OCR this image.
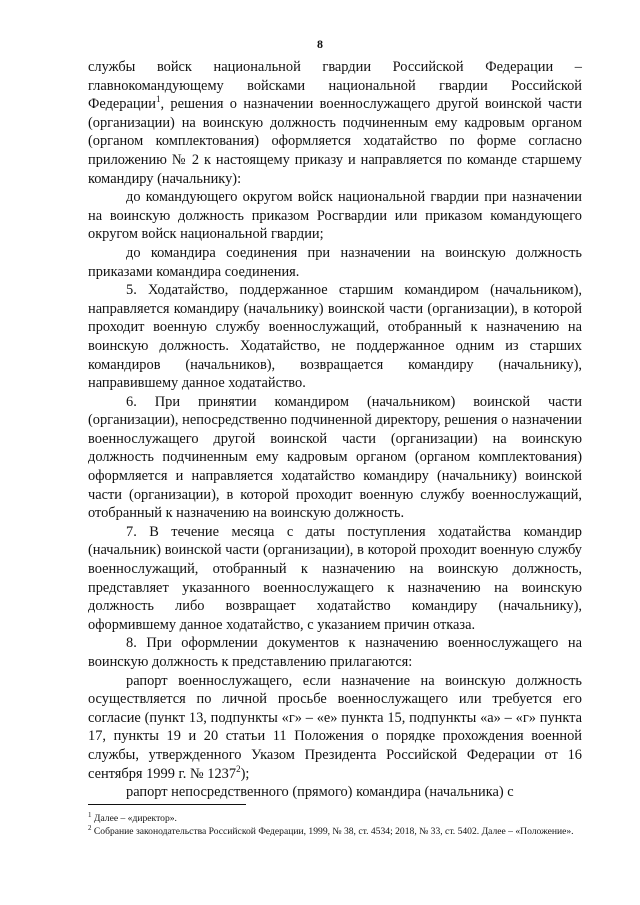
8

службы войск национальной гвардии Российской Федерации – главнокомандующему войсками национальной гвардии Российской Федерации$^1$, решения о назначении военнослужащего другой воинской части (организации) на воинскую должность подчиненным ему кадровым органом (органом комплектования) оформляется ходатайство по форме согласно приложению № 2 к настоящему приказу и направляется по команде старшему командиру (начальнику):

до командующего округом войск национальной гвардии при назначении на воинскую должность приказом Росгвардии или приказом командующего округом войск национальной гвардии;

до командира соединения при назначении на воинскую должность приказами командира соединения.

5. Ходатайство, поддержанное старшим командиром (начальником), направляется командиру (начальнику) воинской части (организации), в которой проходит военную службу военнослужащий, отобранный к назначению на воинскую должность. Ходатайство, не поддержанное одним из старших командиров (начальников), возвращается командиру (начальнику), направившему данное ходатайство.

6. При принятии командиром (начальником) воинской части (организации), непосредственно подчиненной директору, решения о назначении военнослужащего другой воинской части (организации) на воинскую должность подчиненным ему кадровым органом (органом комплектования) оформляется и направляется ходатайство командиру (начальнику) воинской части (организации), в которой проходит военную службу военнослужащий, отобранный к назначению на воинскую должность.

7. В течение месяца с даты поступления ходатайства командир (начальник) воинской части (организации), в которой проходит военную службу военнослужащий, отобранный к назначению на воинскую должность, представляет указанного военнослужащего к назначению на воинскую должность либо возвращает ходатайство командиру (начальнику), оформившему данное ходатайство, с указанием причин отказа.

8. При оформлении документов к назначению военнослужащего на воинскую должность к представлению прилагаются:

рапорт военнослужащего, если назначение на воинскую должность осуществляется по личной просьбе военнослужащего или требуется его согласие (пункт 13, подпункты «г» – «е» пункта 15, подпункты «а» – «г» пункта 17, пункты 19 и 20 статьи 11 Положения о порядке прохождения военной службы, утвержденного Указом Президента Российской Федерации от 16 сентября 1999 г. № 1237$^2$);

рапорт непосредственного (прямого) командира (начальника) с

$^1$ Далее – «директор».

$^2$ Собрание законодательства Российской Федерации, 1999, № 38, ст. 4534; 2018, № 33, ст. 5402. Далее – «Положение».
